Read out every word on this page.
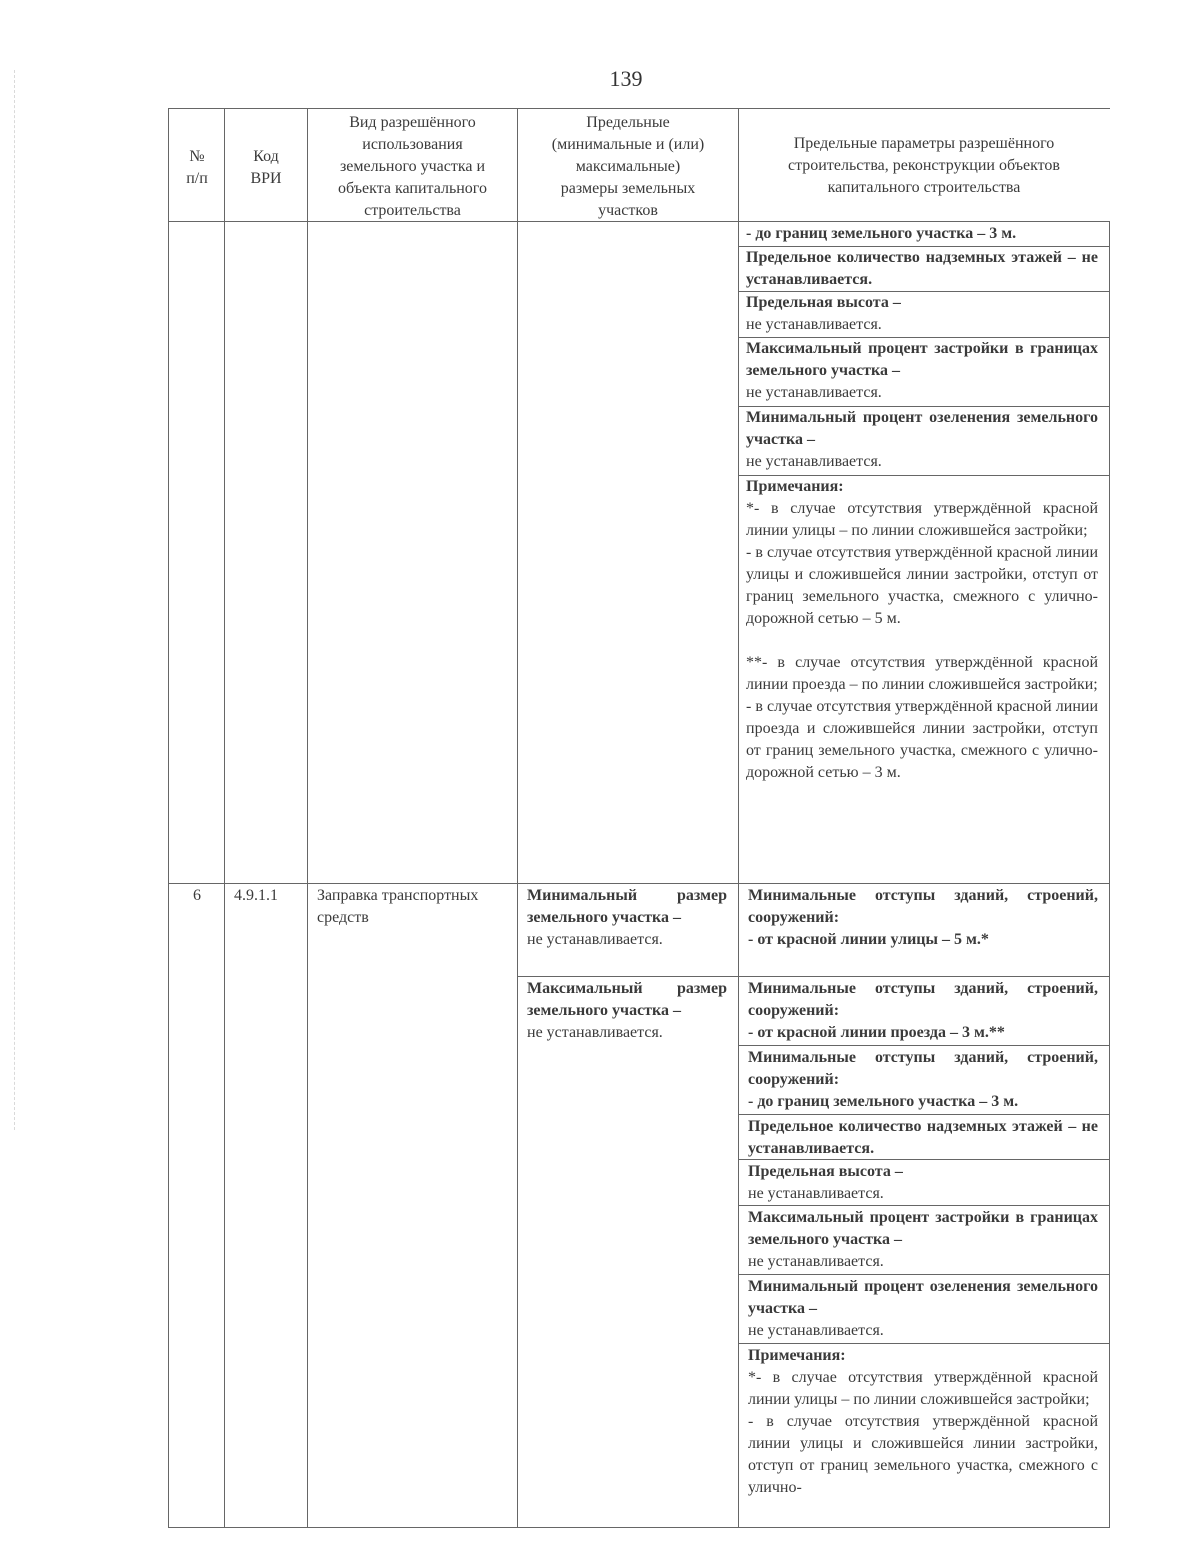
139
№
п/п
Код
ВРИ
Вид разрешённого
использования
земельного участка и
объекта капитального
строительства
Предельные
(минимальные и (или)
максимальные)
размеры земельных
участков
Предельные параметры разрешённого
строительства, реконструкции объектов
капитального строительства
- до границ земельного участка – 3 м.
Предельное количество надземных этажей – не устанавливается.
Предельная высота –
не устанавливается.
Максимальный процент застройки в границах земельного участка –
не устанавливается.
Минимальный процент озеленения земельного участка –
не устанавливается.
Примечания:
*- в случае отсутствия утверждённой красной линии улицы – по линии сложившейся застройки;
- в случае отсутствия утверждённой красной линии улицы и сложившейся линии застройки, отступ от границ земельного участка, смежного с улично-дорожной сетью – 5 м.
**- в случае отсутствия утверждённой красной линии проезда – по линии сложившейся застройки;
- в случае отсутствия утверждённой красной линии проезда и сложившейся линии застройки, отступ от границ земельного участка, смежного с улично-дорожной сетью – 3 м.
6	4.9.1.1	Заправка транспортных средств
Минимальный размер земельного участка –
не устанавливается.
Максимальный размер земельного участка –
не устанавливается.
Минимальные отступы зданий, строений, сооружений:
- от красной линии улицы – 5 м.*
Минимальные отступы зданий, строений, сооружений:
- от красной линии проезда – 3 м.**
Минимальные отступы зданий, строений, сооружений:
- до границ земельного участка – 3 м.
Предельное количество надземных этажей – не устанавливается.
Предельная высота –
не устанавливается.
Максимальный процент застройки в границах земельного участка –
не устанавливается.
Минимальный процент озеленения земельного участка –
не устанавливается.
Примечания:
*- в случае отсутствия утверждённой красной линии улицы – по линии сложившейся застройки;
- в случае отсутствия утверждённой красной линии улицы и сложившейся линии застройки, отступ от границ земельного участка, смежного с улично-
